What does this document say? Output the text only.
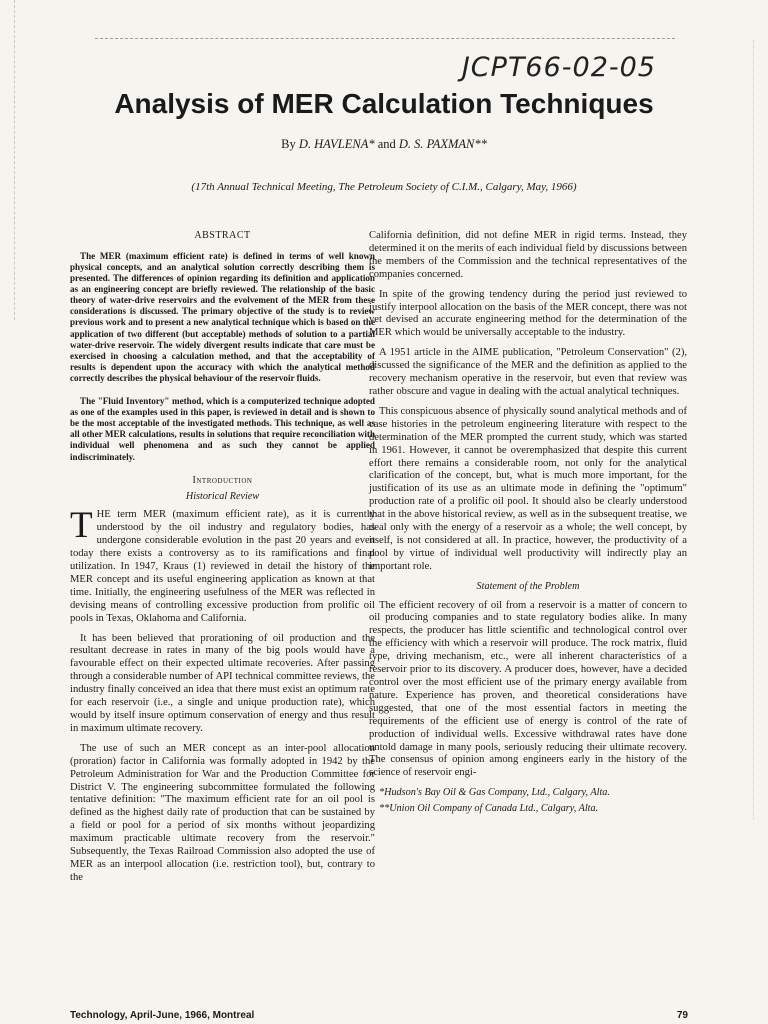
JCPT66-02-05
Analysis of MER Calculation Techniques
By D. HAVLENA* and D. S. PAXMAN**
(17th Annual Technical Meeting, The Petroleum Society of C.I.M., Calgary, May, 1966)
ABSTRACT

The MER (maximum efficient rate) is defined in terms of well known physical concepts, and an analytical solution correctly describing them is presented. The differences of opinion regarding its definition and application as an engineering concept are briefly reviewed. The relationship of the basic theory of water-drive reservoirs and the evolvement of the MER from these considerations is discussed. The primary objective of the study is to review previous work and to present a new analytical technique which is based on the application of two different (but acceptable) methods of solution to a partial water-drive reservoir. The widely divergent results indicate that care must be exercised in choosing a calculation method, and that the acceptability of results is dependent upon the accuracy with which the analytical method correctly describes the physical behaviour of the reservoir fluids.

The "Fluid Inventory" method, which is a computerized technique adopted as one of the examples used in this paper, is reviewed in detail and is shown to be the most acceptable of the investigated methods. This technique, as well as all other MER calculations, results in solutions that require reconciliation with individual well phenomena and as such they cannot be applied indiscriminately.

Introduction
Historical Review

THE term MER (maximum efficient rate), as it is currently understood by the oil industry and regulatory bodies, has undergone considerable evolution in the past 20 years and even today there exists a controversy as to its ramifications and final utilization. In 1947, Kraus (1) reviewed in detail the history of the MER concept and its useful engineering application as known at that time. Initially, the engineering usefulness of the MER was reflected in devising means of controlling excessive production from prolific oil pools in Texas, Oklahoma and California.

It has been believed that prorationing of oil production and the resultant decrease in rates in many of the big pools would have a favourable effect on their expected ultimate recoveries. After passing through a considerable number of API technical committee reviews, the industry finally conceived an idea that there must exist an optimum rate for each reservoir (i.e., a single and unique production rate), which would by itself insure optimum conservation of energy and thus result in maximum ultimate recovery.

The use of such an MER concept as an inter-pool allocation (proration) factor in California was formally adopted in 1942 by the Petroleum Administration for War and the Production Committee for District V. The engineering subcommittee formulated the following tentative definition: "The maximum efficient rate for an oil pool is defined as the highest daily rate of production that can be sustained by a field or pool for a period of six months without jeopardizing maximum practicable ultimate recovery from the reservoir." Subsequently, the Texas Railroad Commission also adopted the use of MER as an interpool allocation (i.e. restriction tool), but, contrary to the

California definition, did not define MER in rigid terms. Instead, they determined it on the merits of each individual field by discussions between the members of the Commission and the technical representatives of the companies concerned.

In spite of the growing tendency during the period just reviewed to justify interpool allocation on the basis of the MER concept, there was not yet devised an accurate engineering method for the determination of the MER which would be universally acceptable to the industry.

A 1951 article in the AIME publication, "Petroleum Conservation" (2), discussed the significance of the MER and the definition as applied to the recovery mechanism operative in the reservoir, but even that review was rather obscure and vague in dealing with the actual analytical techniques.

This conspicuous absence of physically sound analytical methods and of case histories in the petroleum engineering literature with respect to the determination of the MER prompted the current study, which was started in 1961. However, it cannot be overemphasized that despite this current effort there remains a considerable room, not only for the analytical clarification of the concept, but, what is much more important, for the justification of its use as an ultimate mode in defining the "optimum" production rate of a prolific oil pool. It should also be clearly understood that in the above historical review, as well as in the subsequent treatise, we deal only with the energy of a reservoir as a whole; the well concept, by itself, is not considered at all. In practice, however, the productivity of a pool by virtue of individual well productivity will indirectly play an important role.

Statement of the Problem

The efficient recovery of oil from a reservoir is a matter of concern to oil producing companies and to state regulatory bodies alike. In many respects, the producer has little scientific and technological control over the efficiency with which a reservoir will produce. The rock matrix, fluid type, driving mechanism, etc., were all inherent characteristics of a reservoir prior to its discovery. A producer does, however, have a decided control over the most efficient use of the primary energy available from nature. Experience has proven, and theoretical considerations have suggested, that one of the most essential factors in meeting the requirements of the efficient use of energy is control of the rate of production of individual wells. Excessive withdrawal rates have done untold damage in many pools, seriously reducing their ultimate recovery. The consensus of opinion among engineers early in the history of the science of reservoir engi-

*Hudson's Bay Oil & Gas Company, Ltd., Calgary, Alta.

**Union Oil Company of Canada Ltd., Calgary, Alta.

Technology, April-June, 1966, Montreal	79
